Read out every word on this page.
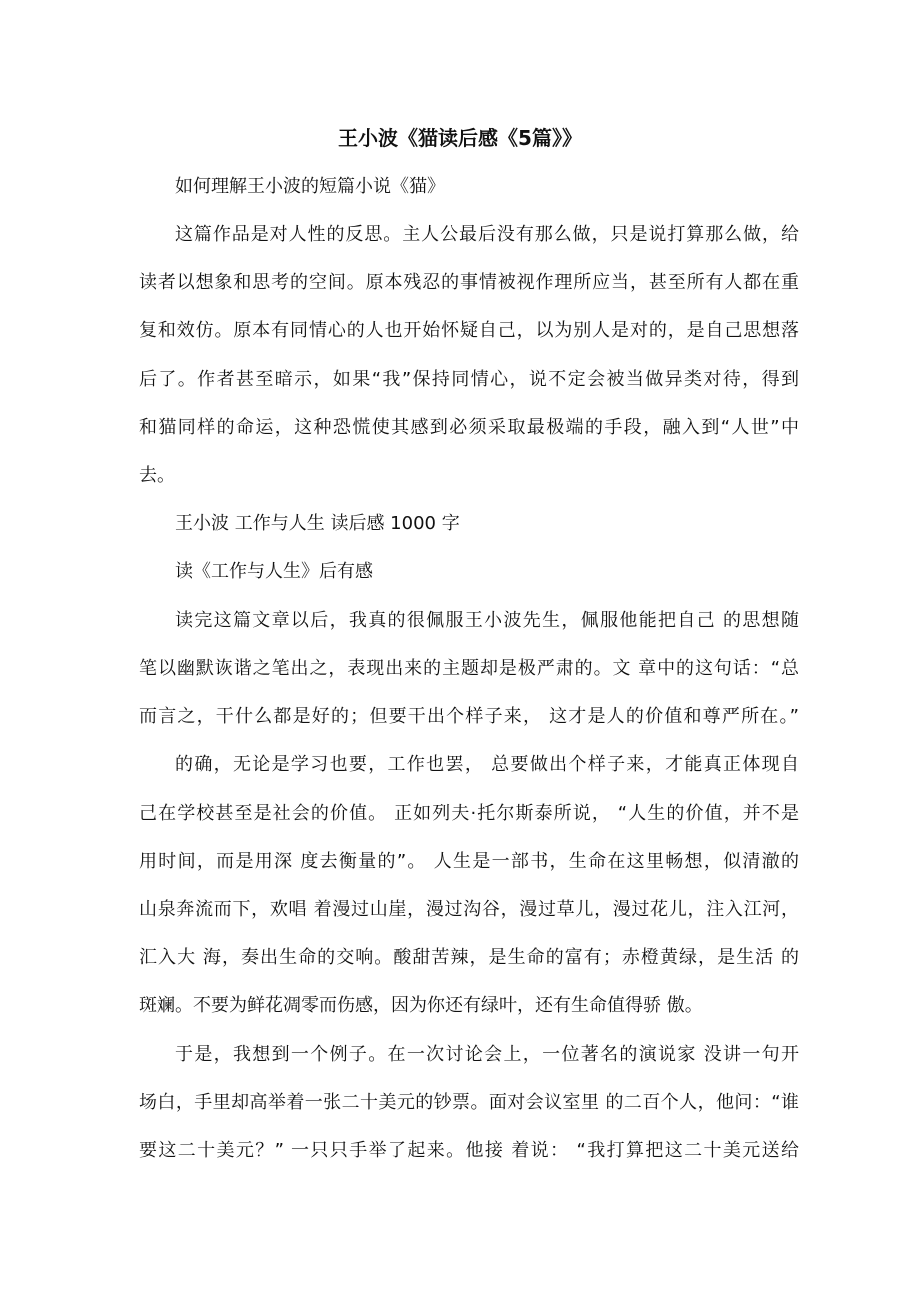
王小波《猫读后感《5篇》》
如何理解王小波的短篇小说《猫》
这篇作品是对人性的反思。主人公最后没有那么做，只是说打算那么做，给
读者以想象和思考的空间。原本残忍的事情被视作理所应当，甚至所有人都在重
复和效仿。原本有同情心的人也开始怀疑自己，以为别人是对的，是自己思想落
后了。作者甚至暗示，如果“我”保持同情心，说不定会被当做异类对待，得到
和猫同样的命运，这种恐慌使其感到必须采取最极端的手段，融入到“人世”中
去。
王小波 工作与人生 读后感 1000 字
读《工作与人生》后有感
读完这篇文章以后，我真的很佩服王小波先生，佩服他能把自己 的思想随
笔以幽默诙谐之笔出之，表现出来的主题却是极严肃的。文 章中的这句话：“总
而言之，干什么都是好的；但要干出个样子来， 这才是人的价值和尊严所在。”
的确，无论是学习也要，工作也罢， 总要做出个样子来，才能真正体现自
己在学校甚至是社会的价值。 正如列夫·托尔斯泰所说， “人生的价值，并不是
用时间，而是用深 度去衡量的”。 人生是一部书，生命在这里畅想，似清澈的
山泉奔流而下，欢唱 着漫过山崖，漫过沟谷，漫过草儿，漫过花儿，注入江河，
汇入大 海，奏出生命的交响。酸甜苦辣，是生命的富有；赤橙黄绿，是生活 的
斑斓。不要为鲜花凋零而伤感，因为你还有绿叶，还有生命值得骄 傲。
于是，我想到一个例子。在一次讨论会上，一位著名的演说家 没讲一句开
场白，手里却高举着一张二十美元的钞票。面对会议室里 的二百个人，他问：“谁
要这二十美元？” 一只只手举了起来。他接 着说： “我打算把这二十美元送给
